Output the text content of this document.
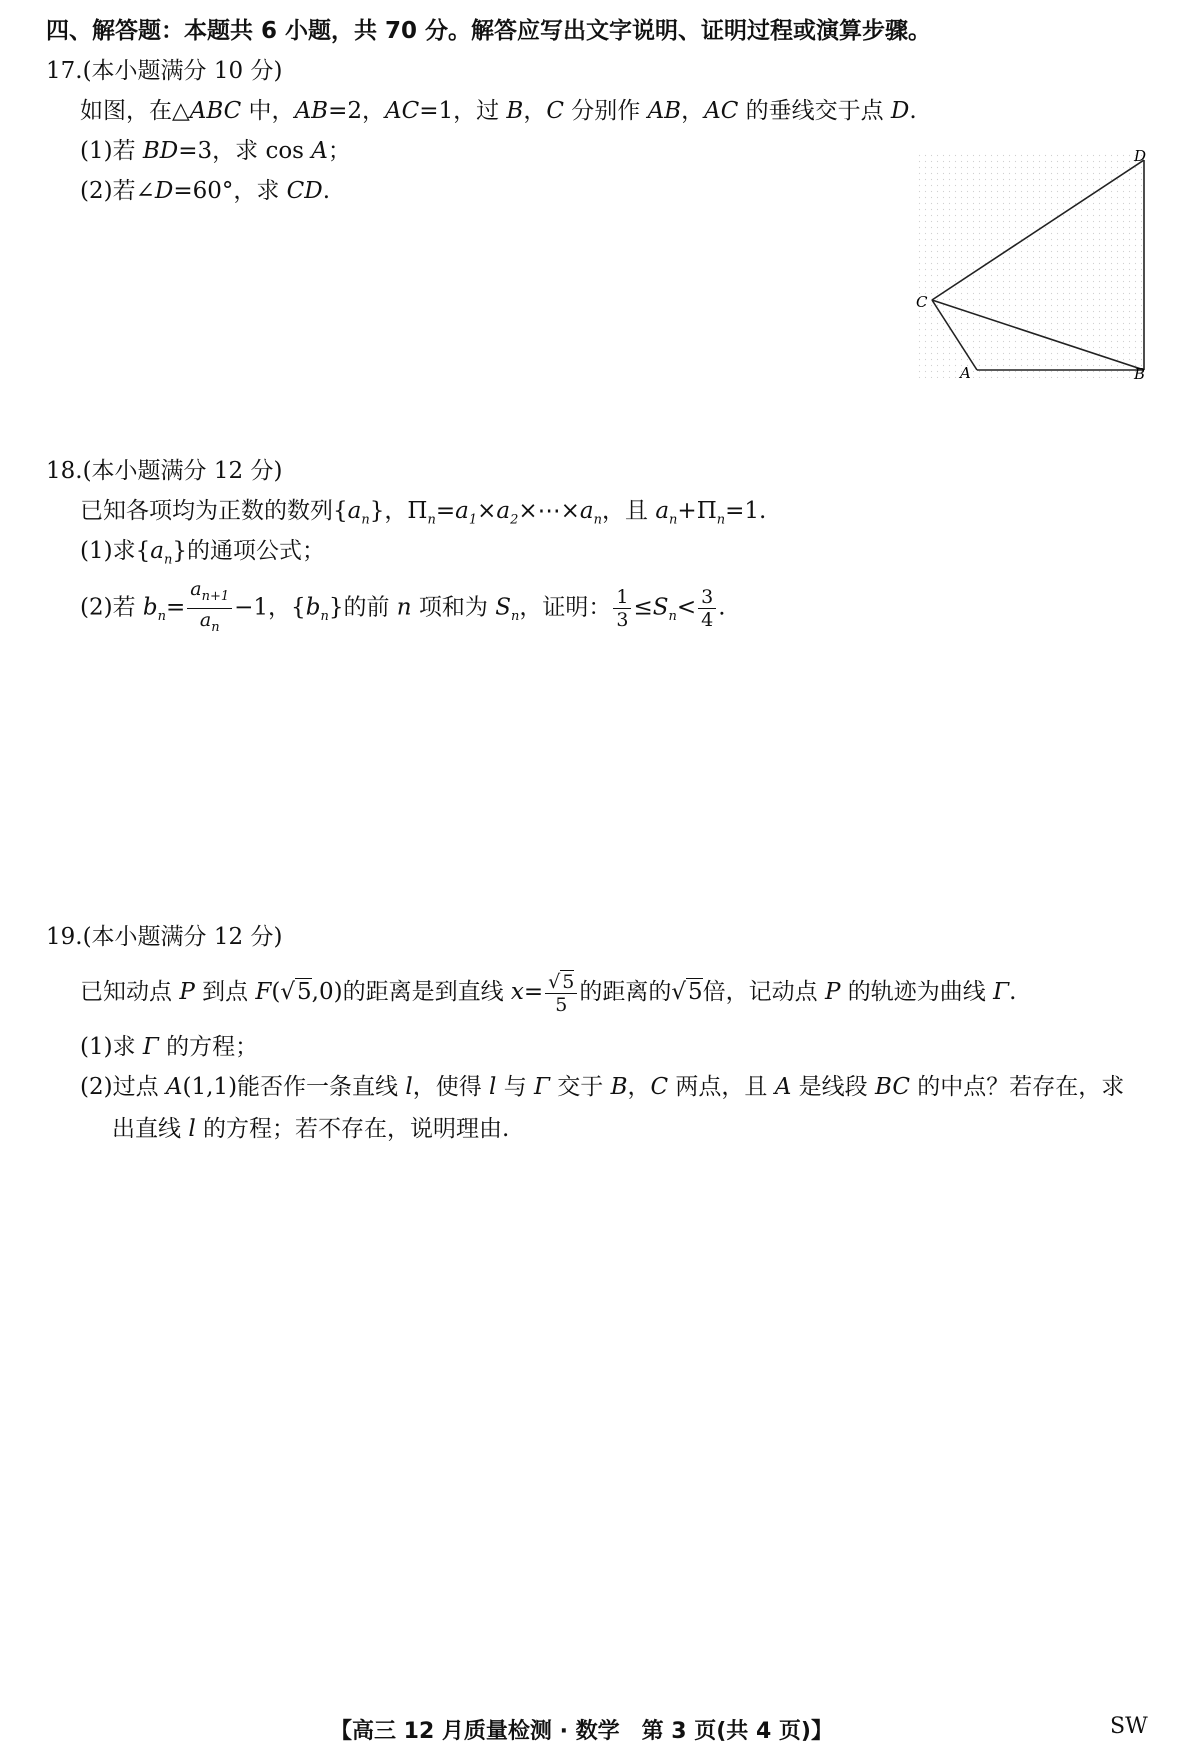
四、解答题：本题共 6 小题，共 70 分。解答应写出文字说明、证明过程或演算步骤。
17.(本小题满分 10 分)
如图，在△ABC 中，AB=2，AC=1，过 B，C 分别作 AB，AC 的垂线交于点 D.
(1)若 BD=3，求 cos A；
(2)若∠D=60°，求 CD.
D
C
A	B
18.(本小题满分 12 分)
已知各项均为正数的数列$\{a_n\}$，$\Pi_n=a_1\times a_2\times\cdots\times a_n$，且 $a_n+\Pi_n=1$.
(1)求$\{a_n\}$的通项公式；
(2)若 $b_n= \frac{a_{n+1}}{a_n} -1$，$\{b_n\}$的前 n 项和为 $S_n$，证明： $\frac{1}{3} \le S_n< \frac{3}{4}$ .
19.(本小题满分 12 分)
已知动点 P 到点 F(√5,0)的距离是到直线 $x= \frac{√ 5}{5}$ 的距离的√5倍，记动点 P 的轨迹为曲线 Γ.
(1)求 Γ 的方程；
(2)过点 A(1,1)能否作一条直线 l，使得 l 与 Γ 交于 B，C 两点，且 A 是线段 BC 的中点？若存在，求
出直线 l 的方程；若不存在，说明理由.
【高三 12 月质量检测 · 数学　第 3 页(共 4 页)】	SW
